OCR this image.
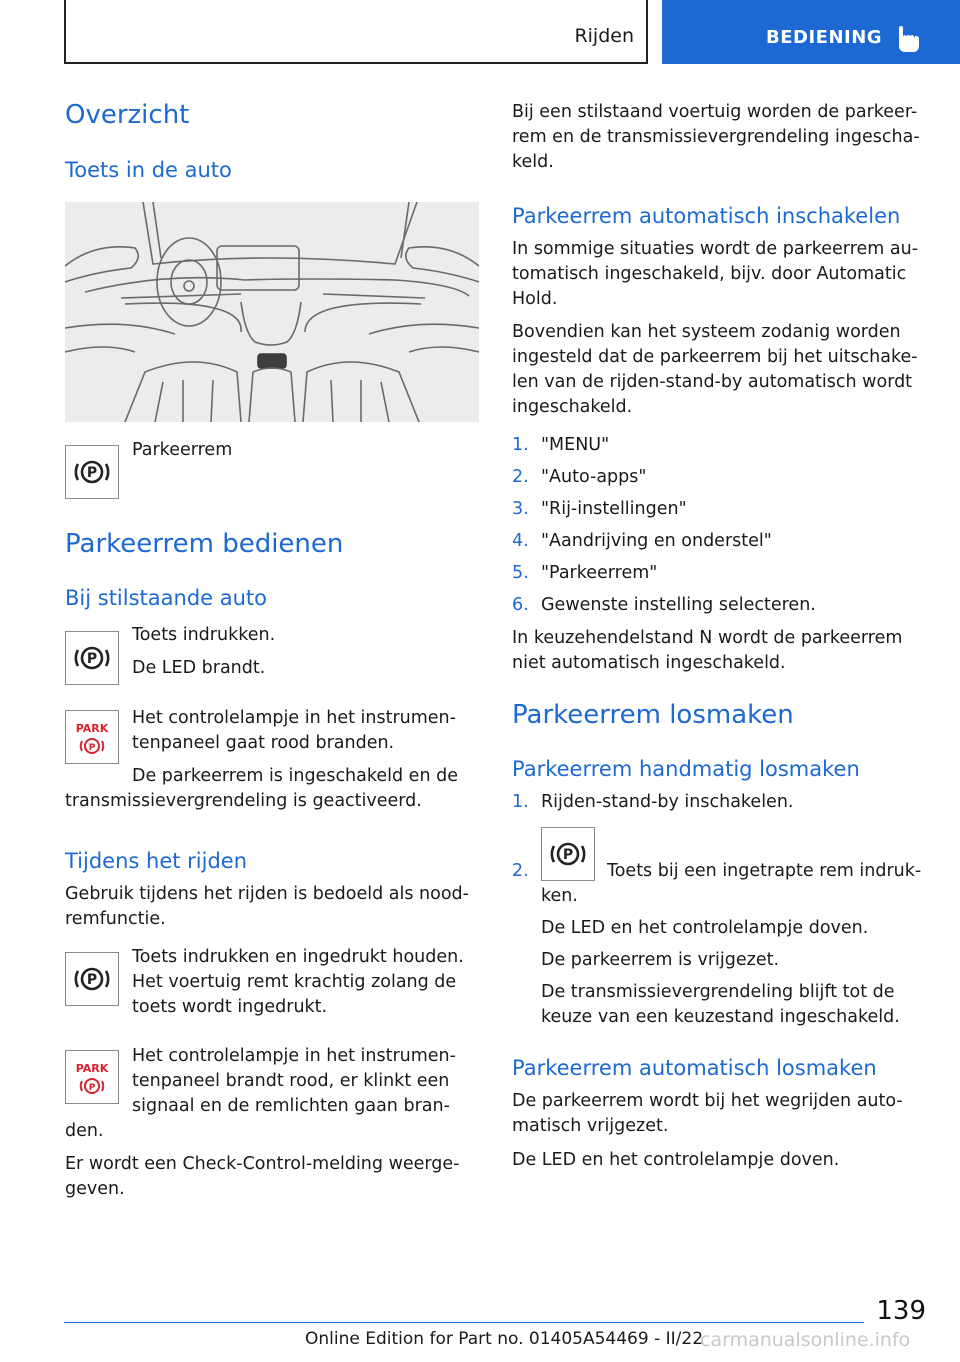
Rijden	BEDIENING
Overzicht
Toets in de auto
P

Parkeerrem

Parkeerrem bedienen
Bij stilstaande auto
P

Toets indrukken.

De LED brandt.

PARK
P

Het controlelampje in het instrumen-

tenpaneel gaat rood branden.

De parkeerrem is ingeschakeld en de

transmissievergrendeling is geactiveerd.

Tijdens het rijden

Gebruik tijdens het rijden is bedoeld als nood-

remfunctie.

P

Toets indrukken en ingedrukt houden.

Het voertuig remt krachtig zolang de

toets wordt ingedrukt.

PARK
P

Het controlelampje in het instrumen-

tenpaneel brandt rood, er klinkt een

signaal en de remlichten gaan bran-

den.

Er wordt een Check-Control-melding weerge-

geven.

Bij een stilstaand voertuig worden de parkeer-

rem en de transmissievergrendeling ingescha-

keld.

Parkeerrem automatisch inschakelen

In sommige situaties wordt de parkeerrem au-

tomatisch ingeschakeld, bijv. door Automatic

Hold.

Bovendien kan het systeem zodanig worden

ingesteld dat de parkeerrem bij het uitschake-

len van de rijden-stand-by automatisch wordt

ingeschakeld.

1. "MENU"
2. "Auto-apps"
3. "Rij-instellingen"
4. "Aandrijving en onderstel"
5. "Parkeerrem"
6. Gewenste instelling selecteren.

In keuzehendelstand N wordt de parkeerrem

niet automatisch ingeschakeld.

Parkeerrem losmaken
Parkeerrem handmatig losmaken
1. Rijden-stand-by inschakelen.
2.
P
Toets bij een ingetrapte rem indruk-

ken.

De LED en het controlelampje doven.

De parkeerrem is vrijgezet.

De transmissievergrendeling blijft tot de

keuze van een keuzestand ingeschakeld.

Parkeerrem automatisch losmaken

De parkeerrem wordt bij het wegrijden auto-

matisch vrijgezet.

De LED en het controlelampje doven.

139
Online Edition for Part no. 01405A54469 - II/22
carmanualsonline.info
